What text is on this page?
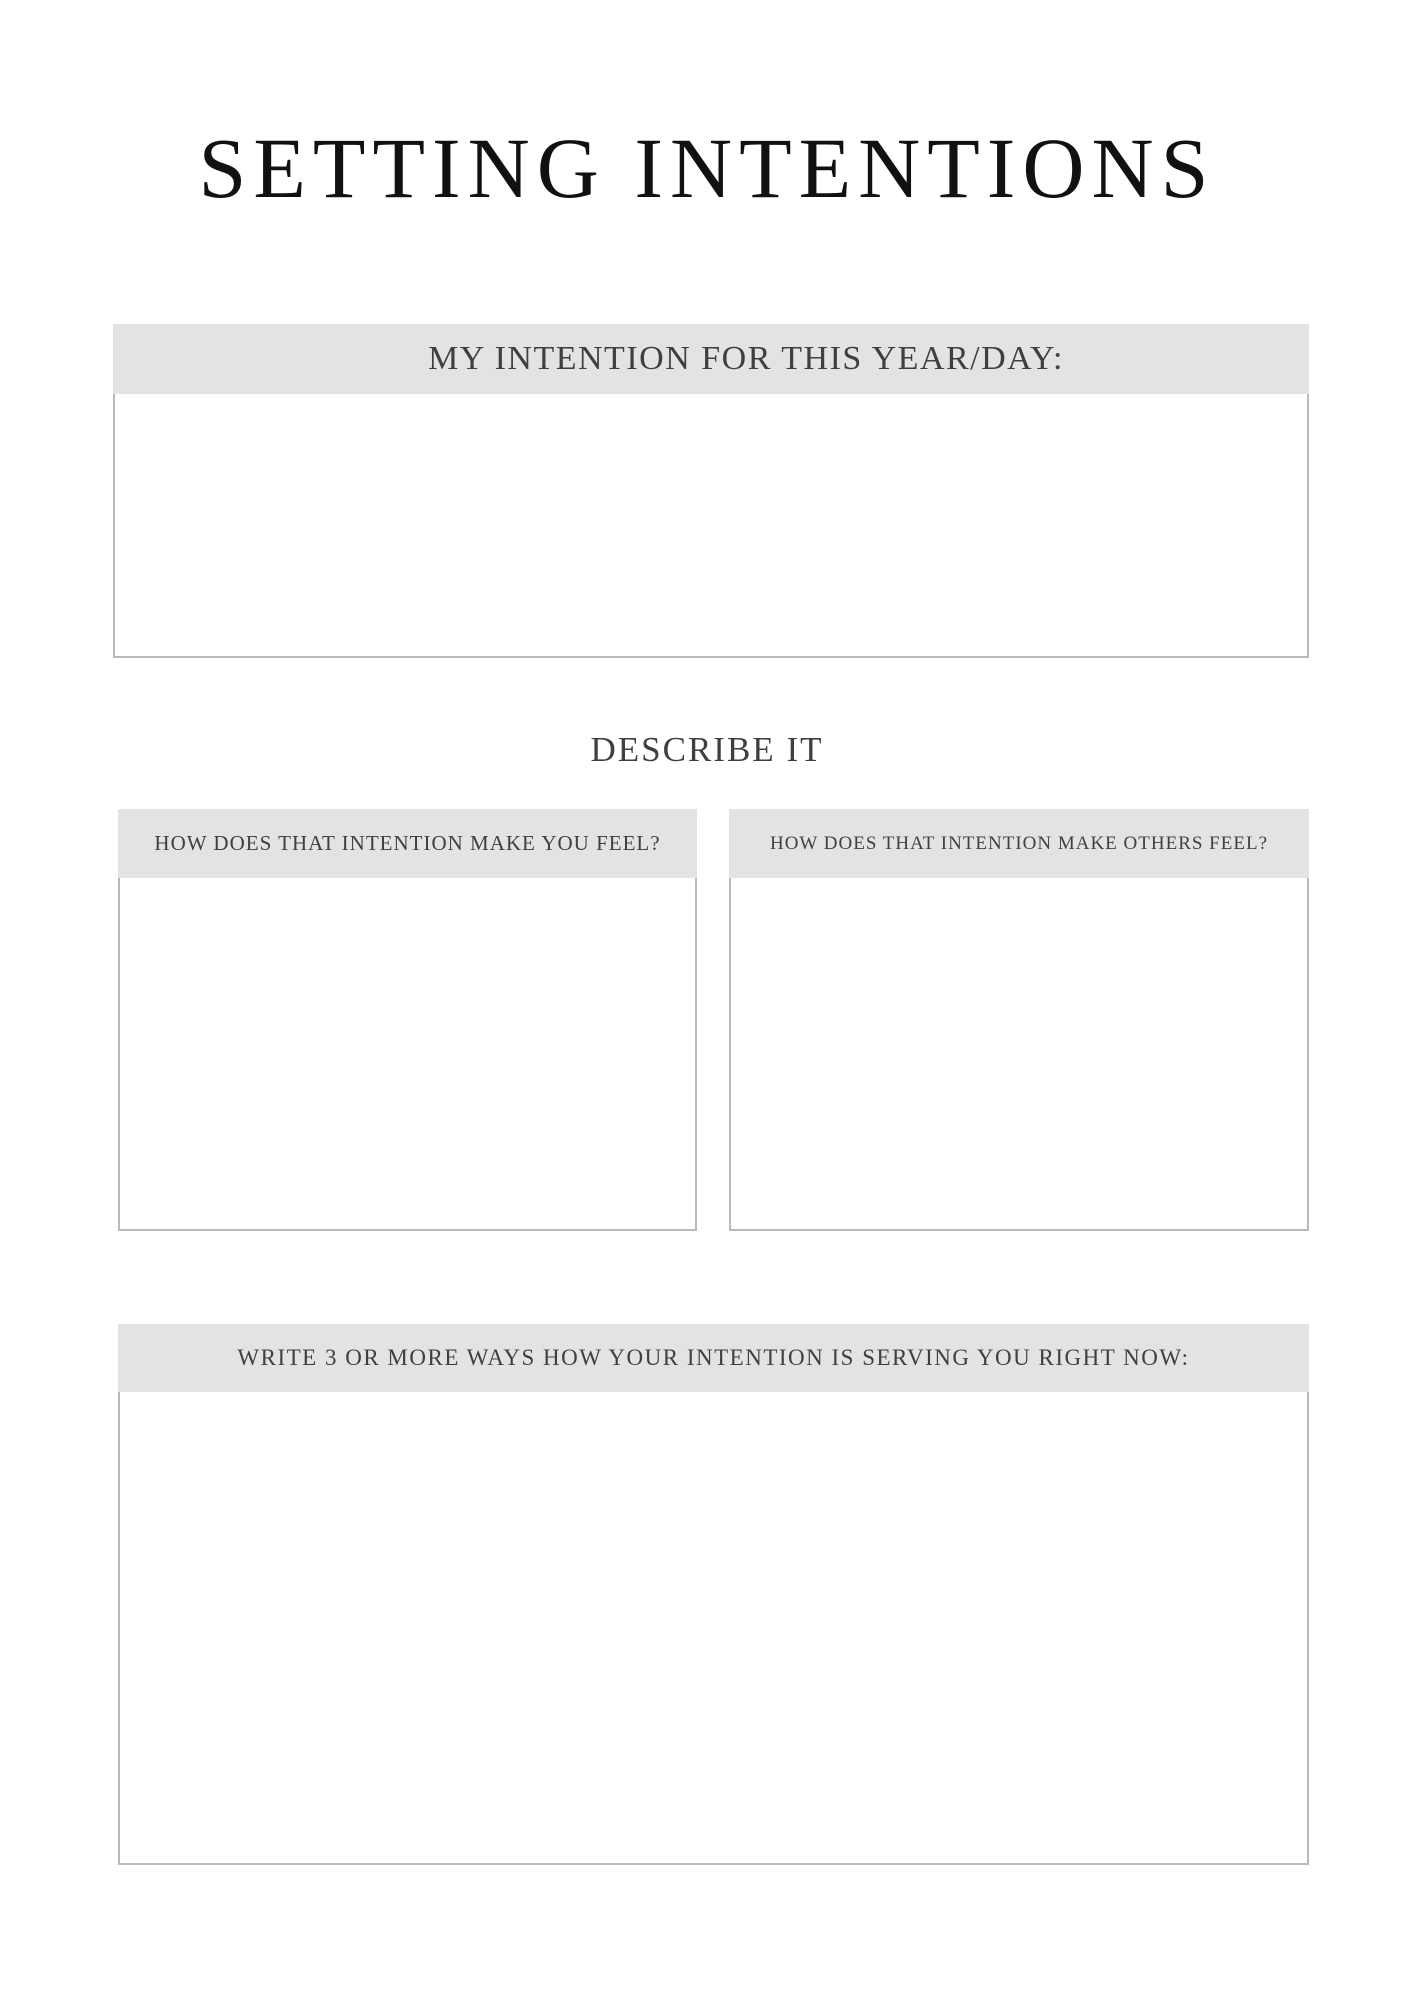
SETTING INTENTIONS
MY INTENTION FOR THIS YEAR/DAY:
DESCRIBE IT
HOW DOES THAT INTENTION MAKE YOU FEEL?	HOW DOES THAT INTENTION MAKE OTHERS FEEL?
WRITE 3 OR MORE WAYS HOW YOUR INTENTION IS SERVING YOU RIGHT NOW:
